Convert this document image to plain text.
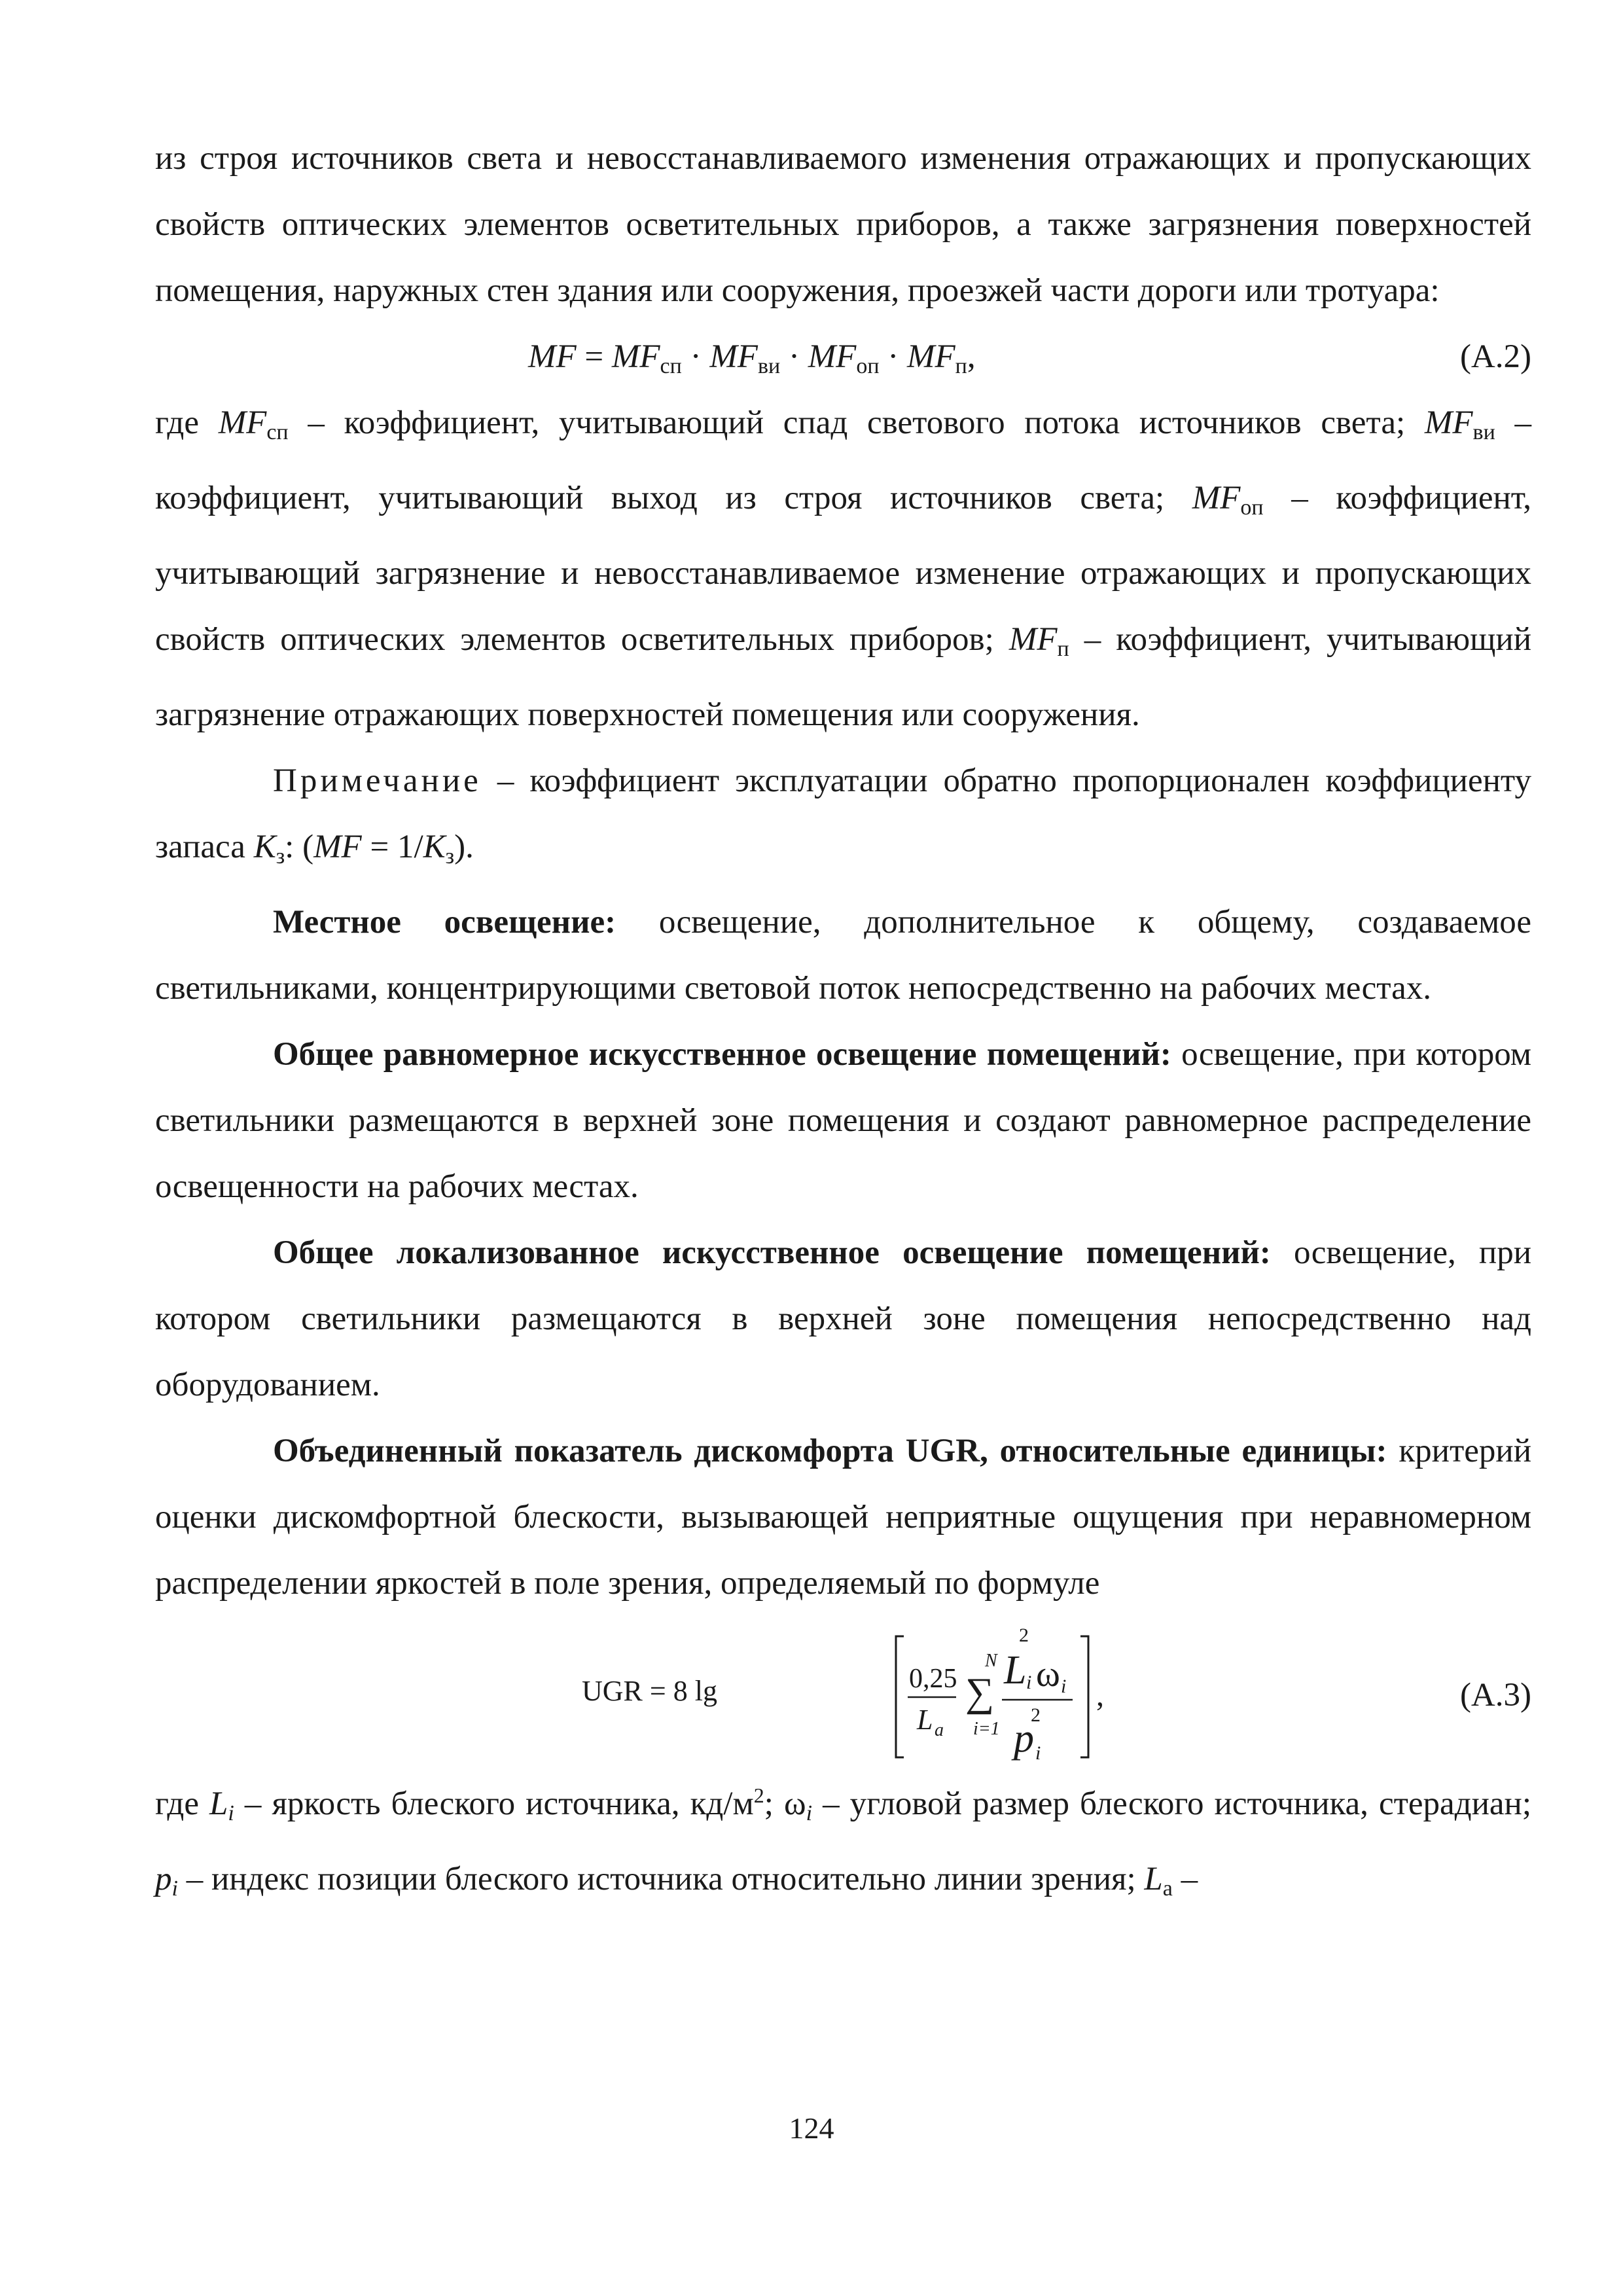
из строя источников света и невосстанавливаемого изменения отражающих и пропускающих свойств оптических элементов осветительных приборов, а также загрязнения поверхностей помещения, наружных стен здания или сооружения, проезжей части дороги или тротуара:

MF = $MF_{сп} \cdot MF_{ви} \cdot MF_{оп} \cdot MF_п$,	(А.2)

где $MF_{сп}$ – коэффициент, учитывающий спад светового потока источников света; $MF_{ви}$ – коэффициент, учитывающий выход из строя источников света; $MF_{оп}$ – коэффициент, учитывающий загрязнение и невосстанавливаемое изменение отражающих и пропускающих свойств оптических элементов осветительных приборов; $MF_п$ – коэффициент, учитывающий загрязнение отражающих поверхностей помещения или сооружения.

Примечание – коэффициент эксплуатации обратно пропорционален коэффициенту запаса $K_з$: $(MF = 1/K_з)$.

Местное освещение: освещение, дополнительное к общему, создаваемое светильниками, концентрирующими световой поток непосредственно на рабочих местах.

Общее равномерное искусственное освещение помещений: освещение, при котором светильники размещаются в верхней зоне помещения и создают равномерное распределение освещенности на рабочих местах.

Общее локализованное искусственное освещение помещений: освещение, при котором светильники размещаются в верхней зоне помещения непосредственно над оборудованием.

Объединенный показатель дискомфорта UGR, относительные единицы: критерий оценки дискомфортной блескости, вызывающей неприятные ощущения при неравномерном распределении яркостей в поле зрения, определяемый по формуле

UGR = 8 lg	0,25
L a
N
∑
i=1
2
L i ω i
2
p i
,	(А.3)

где $L_i$ – яркость блеского источника, $кд/м^2$; $\omega_i$ – угловой размер блеского источника, стерадиан; $p_i$ – индекс позиции блеского источника относительно линии зрения; $L_a$ –

124
